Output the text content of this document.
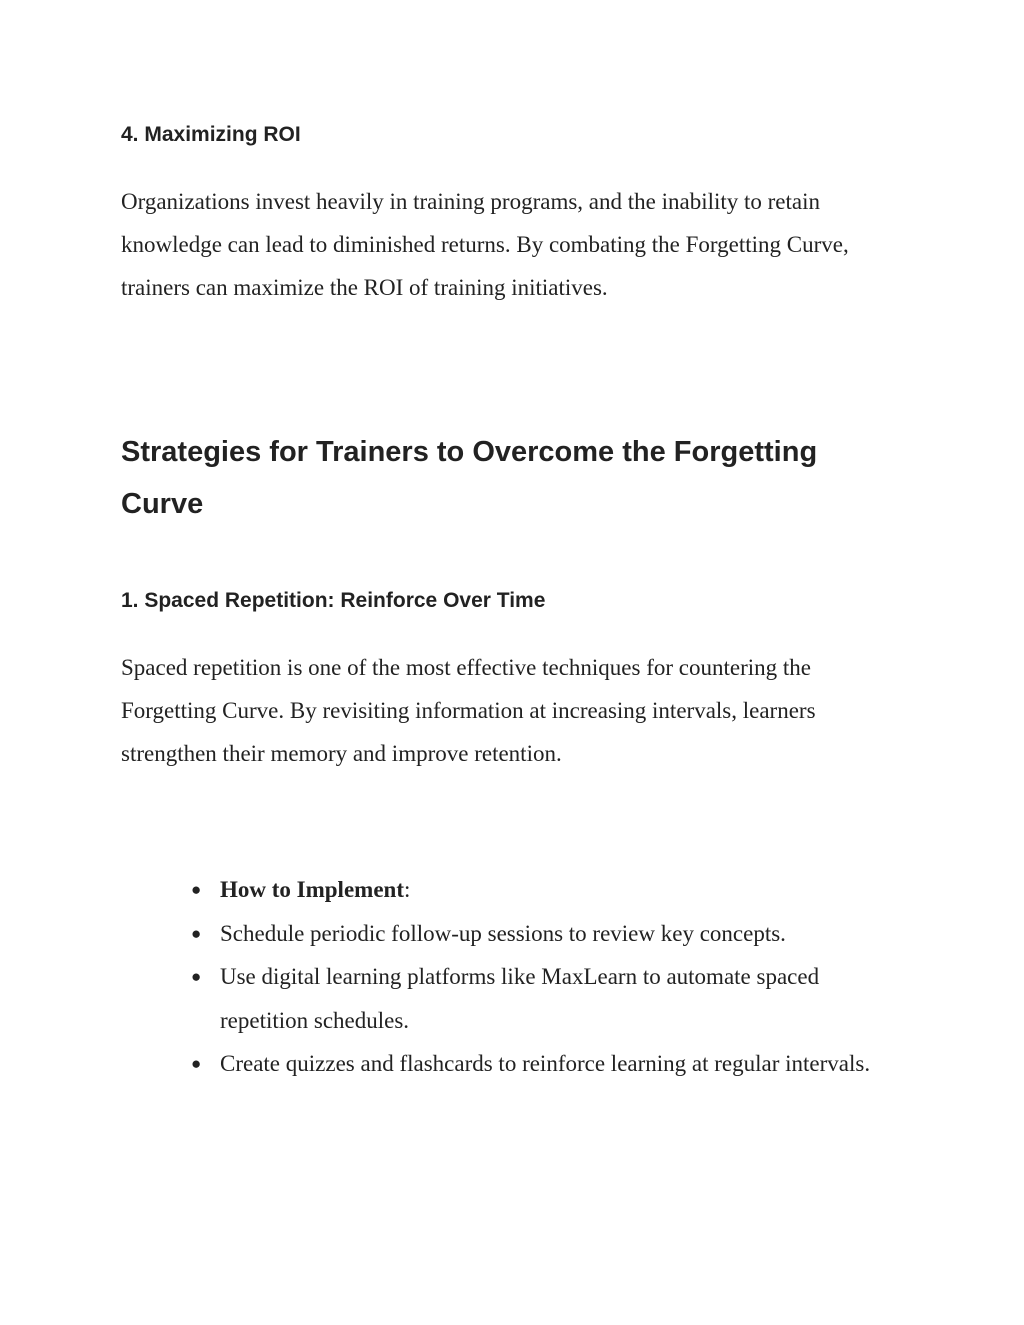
4. Maximizing ROI

Organizations invest heavily in training programs, and the inability to retain knowledge can lead to diminished returns. By combating the Forgetting Curve, trainers can maximize the ROI of training initiatives.

Strategies for Trainers to Overcome the Forgetting Curve
1. Spaced Repetition: Reinforce Over Time

Spaced repetition is one of the most effective techniques for countering the Forgetting Curve. By revisiting information at increasing intervals, learners strengthen their memory and improve retention.

● How to Implement:
● Schedule periodic follow-up sessions to review key concepts.
● Use digital learning platforms like MaxLearn to automate spaced repetition schedules.
● Create quizzes and flashcards to reinforce learning at regular intervals.
